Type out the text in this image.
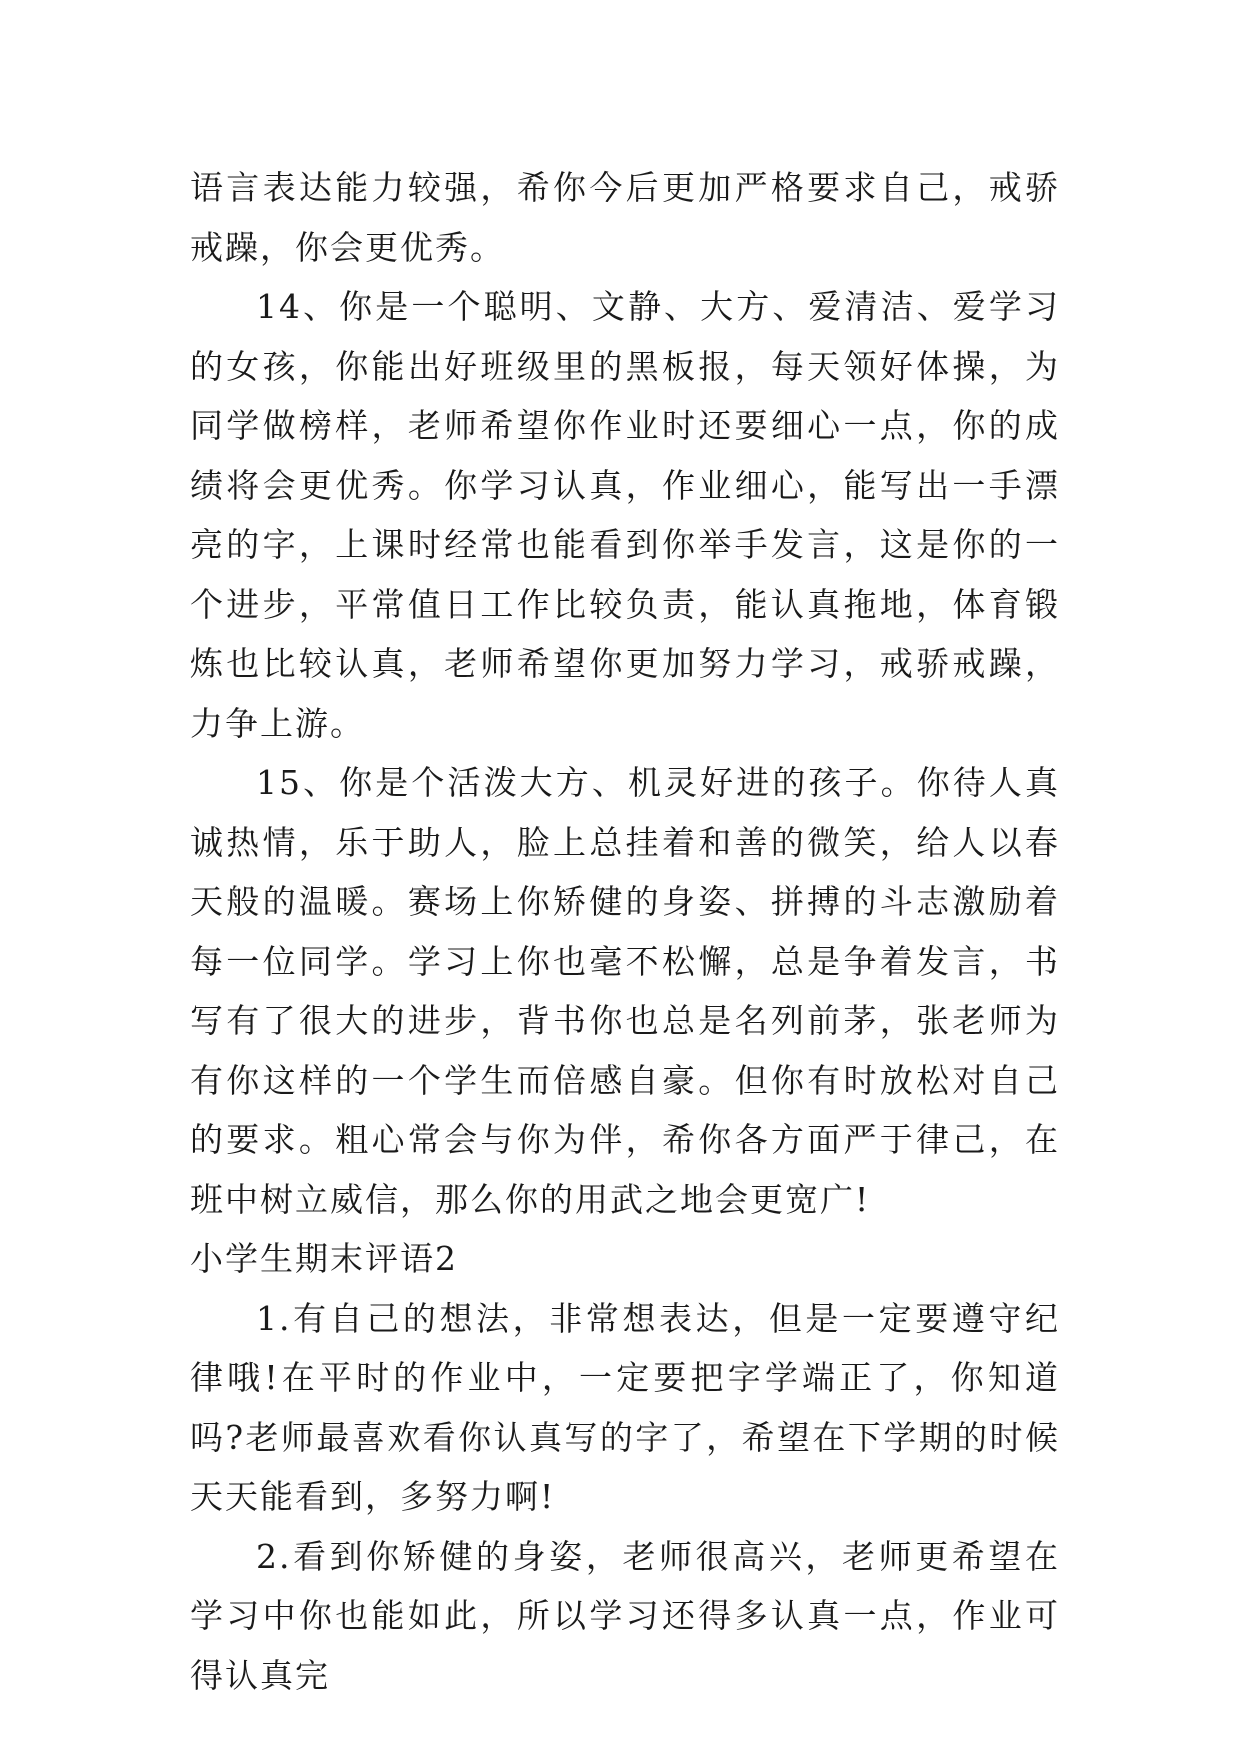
语言表达能力较强，希你今后更加严格要求自己，戒骄戒躁，你会更优秀。

14、你是一个聪明、文静、大方、爱清洁、爱学习的女孩，你能出好班级里的黑板报，每天领好体操，为同学做榜样，老师希望你作业时还要细心一点，你的成绩将会更优秀。你学习认真，作业细心，能写出一手漂亮的字，上课时经常也能看到你举手发言，这是你的一个进步，平常值日工作比较负责，能认真拖地，体育锻炼也比较认真，老师希望你更加努力学习，戒骄戒躁，力争上游。

15、你是个活泼大方、机灵好进的孩子。你待人真诚热情，乐于助人，脸上总挂着和善的微笑，给人以春天般的温暖。赛场上你矫健的身姿、拼搏的斗志激励着每一位同学。学习上你也毫不松懈，总是争着发言，书写有了很大的进步，背书你也总是名列前茅，张老师为有你这样的一个学生而倍感自豪。但你有时放松对自己的要求。粗心常会与你为伴，希你各方面严于律己，在班中树立威信，那么你的用武之地会更宽广!

小学生期末评语2

1.有自己的想法，非常想表达，但是一定要遵守纪律哦!在平时的作业中，一定要把字学端正了，你知道吗?老师最喜欢看你认真写的字了，希望在下学期的时候天天能看到，多努力啊!

2.看到你矫健的身姿，老师很高兴，老师更希望在学习中你也能如此，所以学习还得多认真一点，作业可得认真完
